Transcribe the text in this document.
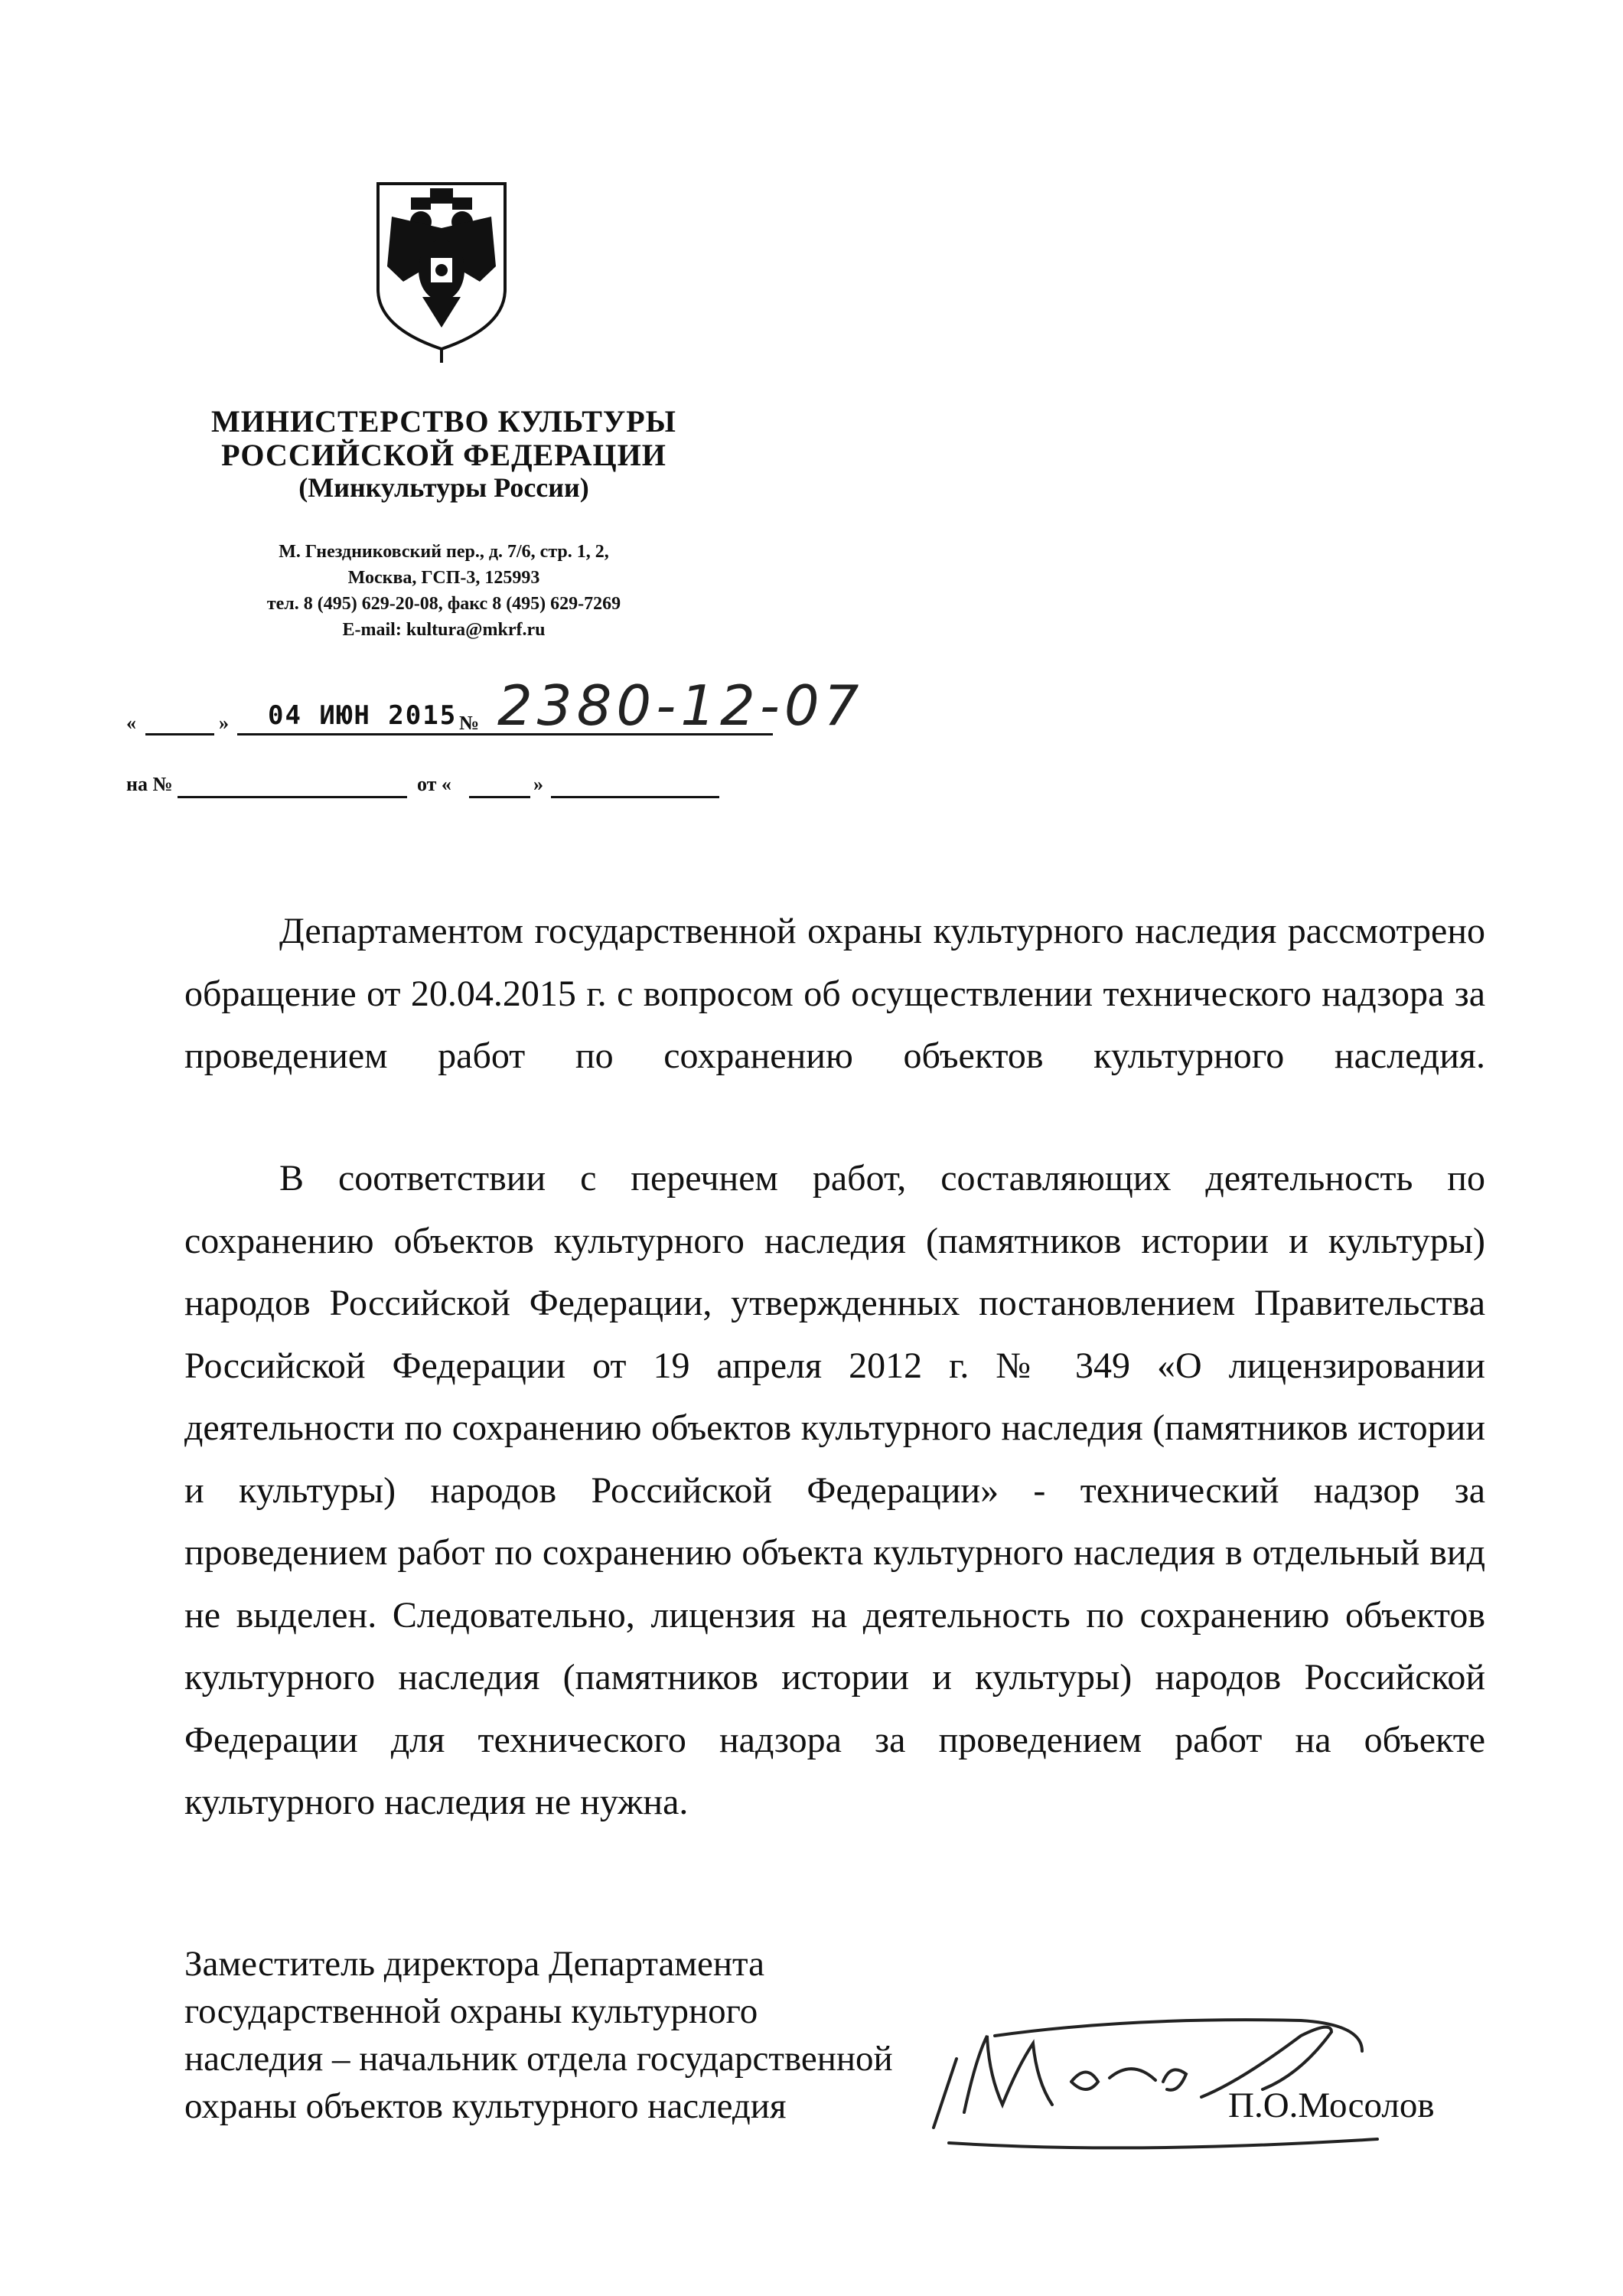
МИНИСТЕРСТВО КУЛЬТУРЫ
РОССИЙСКОЙ ФЕДЕРАЦИИ
(Минкультуры России)
М. Гнездниковский пер., д. 7/6, стр. 1, 2,
Москва, ГСП-3, 125993
тел. 8 (495) 629-20-08, факс 8 (495) 629-7269
E-mail: kultura@mkrf.ru
«	» 04 ИЮН 2015 № 2380-12-07
на №	от «	»
Департаментом государственной охраны культурного наследия рассмотрено обращение от 20.04.2015 г. с вопросом об осуществлении технического надзора за проведением работ по сохранению объектов культурного наследия.
В соответствии с перечнем работ, составляющих деятельность по сохранению объектов культурного наследия (памятников истории и культуры) народов Российской Федерации, утвержденных постановлением Правительства Российской Федерации от 19 апреля 2012 г. № 349 «О лицензировании деятельности по сохранению объектов культурного наследия (памятников истории и культуры) народов Российской Федерации» - технический надзор за проведением работ по сохранению объекта культурного наследия в отдельный вид не выделен. Следовательно, лицензия на деятельность по сохранению объектов культурного наследия (памятников истории и культуры) народов Российской Федерации для технического надзора за проведением работ на объекте культурного наследия не нужна.
Заместитель директора Департамента
государственной охраны культурного
наследия – начальник отдела государственной
охраны объектов культурного наследия	П.О.Мосолов
